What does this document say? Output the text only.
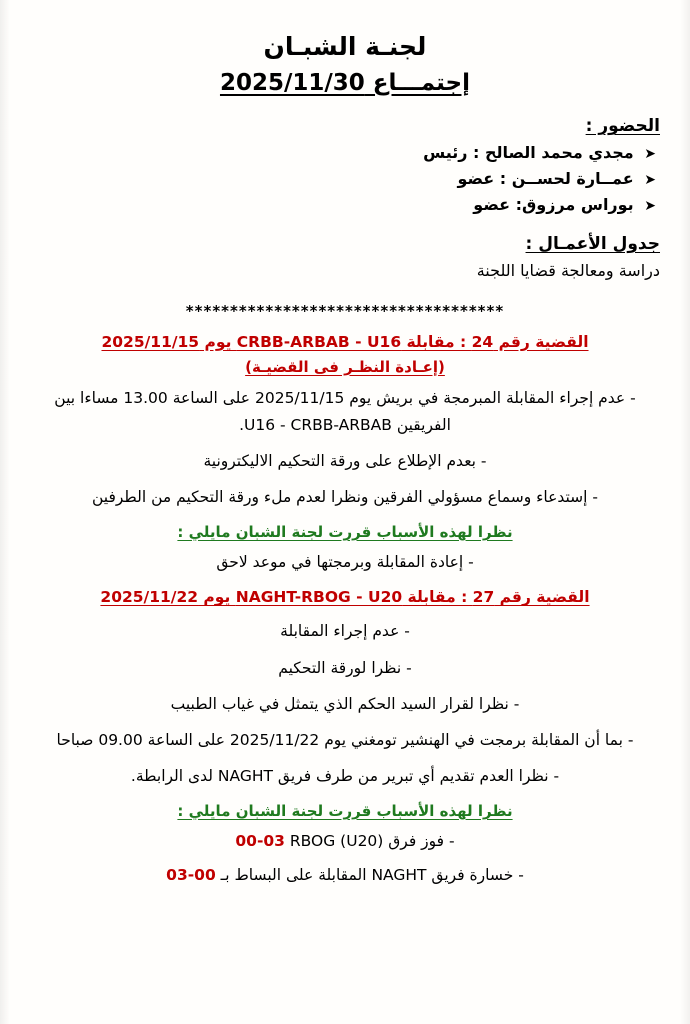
لجنـة الشبـان
إجتمـــاع 2025/11/30
الحضور :
➤ مجدي محمد الصالح : رئيس
➤ عمــارة لحســن : عضو
➤ بوراس مرزوق: عضو
جدول الأعمـال :
دراسة ومعالجة قضايا اللجنة
************************************
القضية رقم 24 : مقابلة CRBB-ARBAB - U16 يوم 2025/11/15
(إعـادة النظـر فى القضيـة)
- عدم إجراء المقابلة المبرمجة في بريش يوم 2025/11/15 على الساعة 13.00 مساءا بين الفريقين U16 - CRBB-ARBAB.
- بعدم الإطلاع على ورقة التحكيم الاليكترونية
- إستدعاء وسماع مسؤولي الفرقين ونظرا لعدم ملء ورقة التحكيم من الطرفين
نظرا لهذه الأسباب قررت لجنة الشبان مايلي :
- إعادة المقابلة وبرمجتها في موعد لاحق
القضية رقم 27 : مقابلة NAGHT-RBOG - U20 يوم 2025/11/22
- عدم إجراء المقابلة
- نظرا لورقة التحكيم
- نظرا لقرار السيد الحكم الذي يتمثل في غياب الطبيب
- بما أن المقابلة برمجت في الهنشير تومغني يوم 2025/11/22 على الساعة 09.00 صباحا
- نظرا العدم تقديم أي تبرير من طرف فريق NAGHT لدى الرابطة.
نظرا لهذه الأسباب قررت لجنة الشبان مايلي :
- فوز فرق RBOG (U20) 00-03
- خسارة فريق NAGHT المقابلة على البساط بـ 03-00
